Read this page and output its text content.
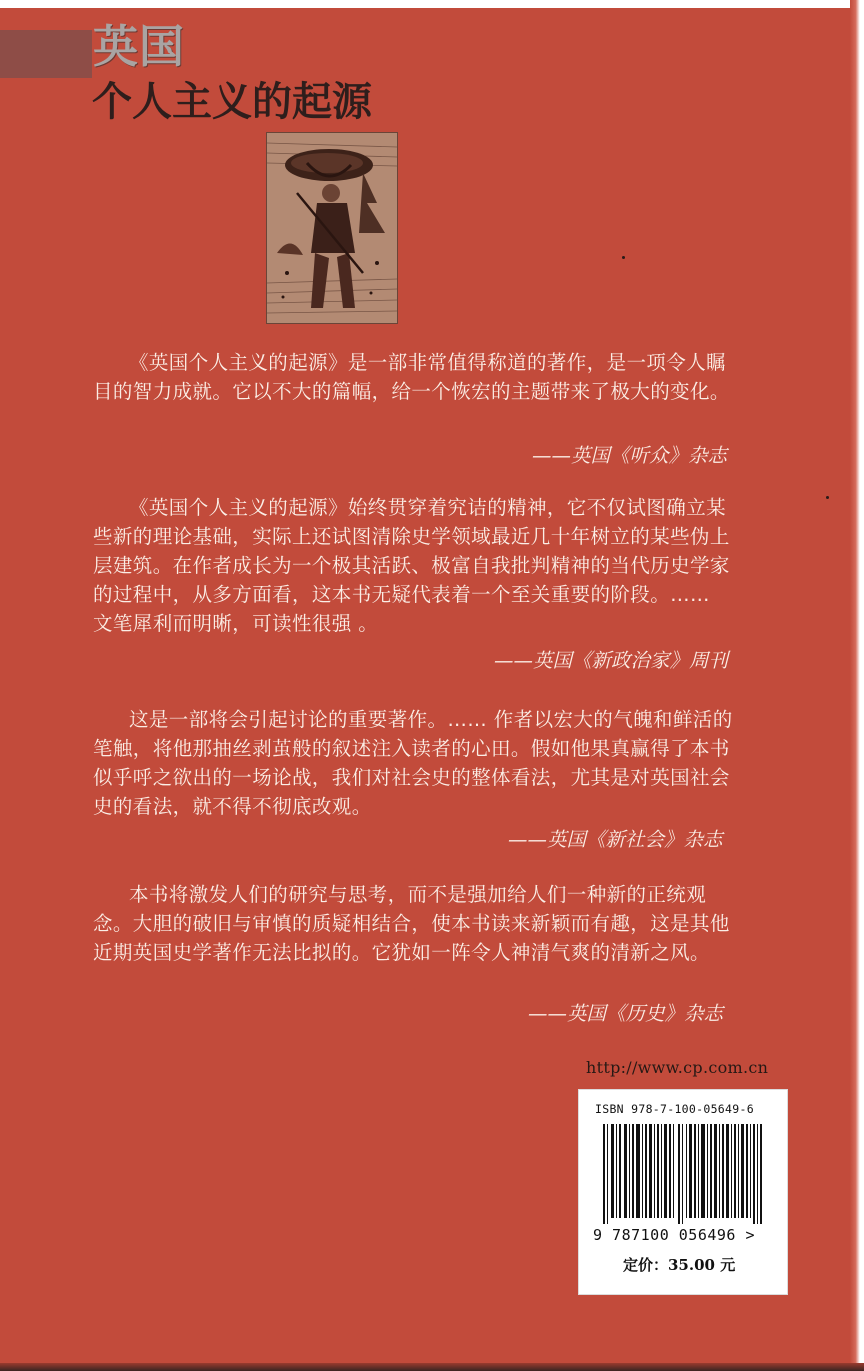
英国
个人主义的起源
《英国个人主义的起源》是一部非常值得称道的著作，是一项令人瞩目的智力成就。它以不大的篇幅，给一个恢宏的主题带来了极大的变化。
——英国《听众》杂志
《英国个人主义的起源》始终贯穿着究诘的精神，它不仅试图确立某些新的理论基础，实际上还试图清除史学领域最近几十年树立的某些伪上层建筑。在作者成长为一个极其活跃、极富自我批判精神的当代历史学家的过程中，从多方面看，这本书无疑代表着一个至关重要的阶段。…… 文笔犀利而明晰，可读性很强 。
——英国《新政治家》周刊
这是一部将会引起讨论的重要著作。…… 作者以宏大的气魄和鲜活的笔触，将他那抽丝剥茧般的叙述注入读者的心田。假如他果真赢得了本书似乎呼之欲出的一场论战，我们对社会史的整体看法，尤其是对英国社会史的看法，就不得不彻底改观。
——英国《新社会》杂志
本书将激发人们的研究与思考，而不是强加给人们一种新的正统观念。大胆的破旧与审慎的质疑相结合，使本书读来新颖而有趣，这是其他近期英国史学著作无法比拟的。它犹如一阵令人神清气爽的清新之风。
——英国《历史》杂志
http://www.cp.com.cn
ISBN 978-7-100-05649-6
9 787100 056496 >
定价：35.00 元
